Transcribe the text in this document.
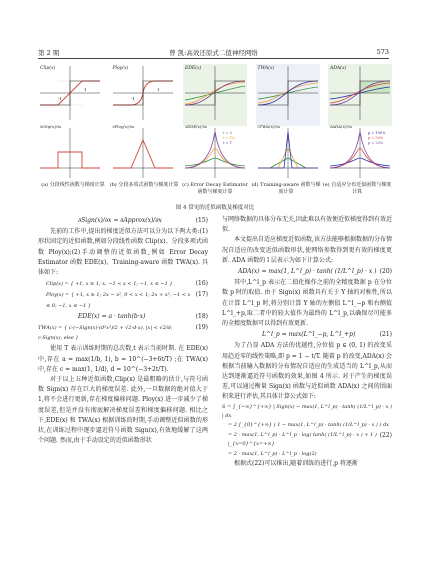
第 2 期	曾 凯:高效还原式二值神经网络	573
-1
1
Clip(x)
-1
1
Ploy(x)	EDE(x)	TWA(x)	ADA(x)
∂Clip(x)/∂x	∂Ploy(x)/∂x
t = 0
t = T/2
t = T
∂EDE(x)/∂x	∂TWA(x)/∂x
p = 100%
p = 50%
p = 25%
∂ADA(x)/∂x
(a) 分段线性函数与梯度计算 (b) 分段多项式函数与梯度计算 (c) Error Decay Estimator 函数与梯度计算
(d) Training-aware 函数与梯度计算
(e) 自适应分布近似函数与梯度计算
图 4 常见的近似函数及梯度对比
∂Sign(x)/∂x ≈ ∂Approx(x)/∂x	(15)

先前的工作中,提出的梯度近似方法可以分为以下两大类:(1)形状固定的近似函数,例如分段线性函数 Clip(x)、分段多项式函数 Ploy(x);(2)手动调整的近似函数,例如 Error Decay Estimator 函数 EDE(x)、Training-aware 函数 TWA(x). 具体如下:

Clip(x) = { +1, x ≥ 1; x, −1 < x < 1; −1, x ≤ −1 }	(16)
Ploy(x) = { +1, x ≥ 1; 2x − x², 0 < x < 1; 2x + x², −1 < x ≤ 0; −1, x ≤ −1 }
(17)
EDE(x) = a · tanh(b·x)	(18)
TWA(x) = { c·(−Sign(x)·(d²x²)/2 + √2·d·x), |x| < √2/d; c·Sign(x), else }
(19)

使用 T 表示训练时期的总次数,t 表示当前时期. 在 EDE(x) 中,存在 a = max(1/b, 1), b = 10^(−3+6t/T) ;在 TWA(x) 中,存在 c = max(1, 1/d), d = 10^(−3+2t/T).

对于以上五种近似函数,Clip(x) 是最粗略的估计,与符号函数 Sign(x) 存在巨大的梯度误差. 此外,一旦数据的绝对值大于 1,将不会进行更新,存在梯度偏移问题. Ploy(x) 进一步减少了梯度误差,但是并没有彻底解决梯度误差和梯度偏移问题. 相比之下,EDE(x) 和 TWA(x) 根据训练的时期,手动调整近似函数的形状,在训练过程中逐步逼近符号函数 Sign(x),有效地缓解了这两个问题. 然而,由于手动设定的近似函数形状

与网络数据的具体分布无关,因此难以有效便近似梯度得到有效近似.

本文提出自适应梯度近似函数,该方法能够根据数据的分布情况自适应的改变近似函数形状,使网络参数得到更有效的梯度更新. ADA 函数的 l 层表示为如下计算公式:

ADA(x) = max(1, L^l_p) · tanh( (1/L^l_p) · x ) (20)

其中,L^l_p 表示在二值化操作之前的全精度数据 p 在分位数 p 时的取值. 由于 Sign(x) 函数具有关于 Y 轴的对称性,所以在计算 L^l_p 时,将分别计算 Y 轴的左侧值 L^l_−p 和右侧值 L^l_+p,取二者中的较大值作为最终的 L^l_p,以确保尽可能多的全精度数据可以得到有效更新.

L^l_p = max(L^l_−p, L^l_+p)	(21)

为了凸显 ADA 方法的优越性,分位值 p ∈ (0, 1) 的改变采用趋近零的线性策略,即 p = 1 − t/T. 随着 p 的改变,ADA(x) 会根据当前输入数据的分布情况自适应的生成适当的 L^l_p,从而达到逐渐逼近符号函数的效果,如图 4 所示. 对于产生的梯度误差,可以通过衡量 Sign(x) 函数与近似函数 ADA(x) 之间的围面积来进行评估,其具体计算公式如下:

S = ∫_{−∞}^{+∞} | Sign(x) − max(1, L^l_p) · tanh( (1/L^l_p) · x ) | dx
= 2 ∫_{0}^{+∞} ( 1 − max(1, L^l_p) · tanh( (1/L^l_p) · x ) ) dx
= 2 · max(1, L^l_p) · L^l_p · log( tanh( (1/L^l_p) · x ) + 1 ) |_{x=0}^{x=+∞}
(22)
= 2 · max(1, L^l_p) · L^l_p · log(2)

根据式(22)可以推出,随着训练的进行,p 将逐渐
